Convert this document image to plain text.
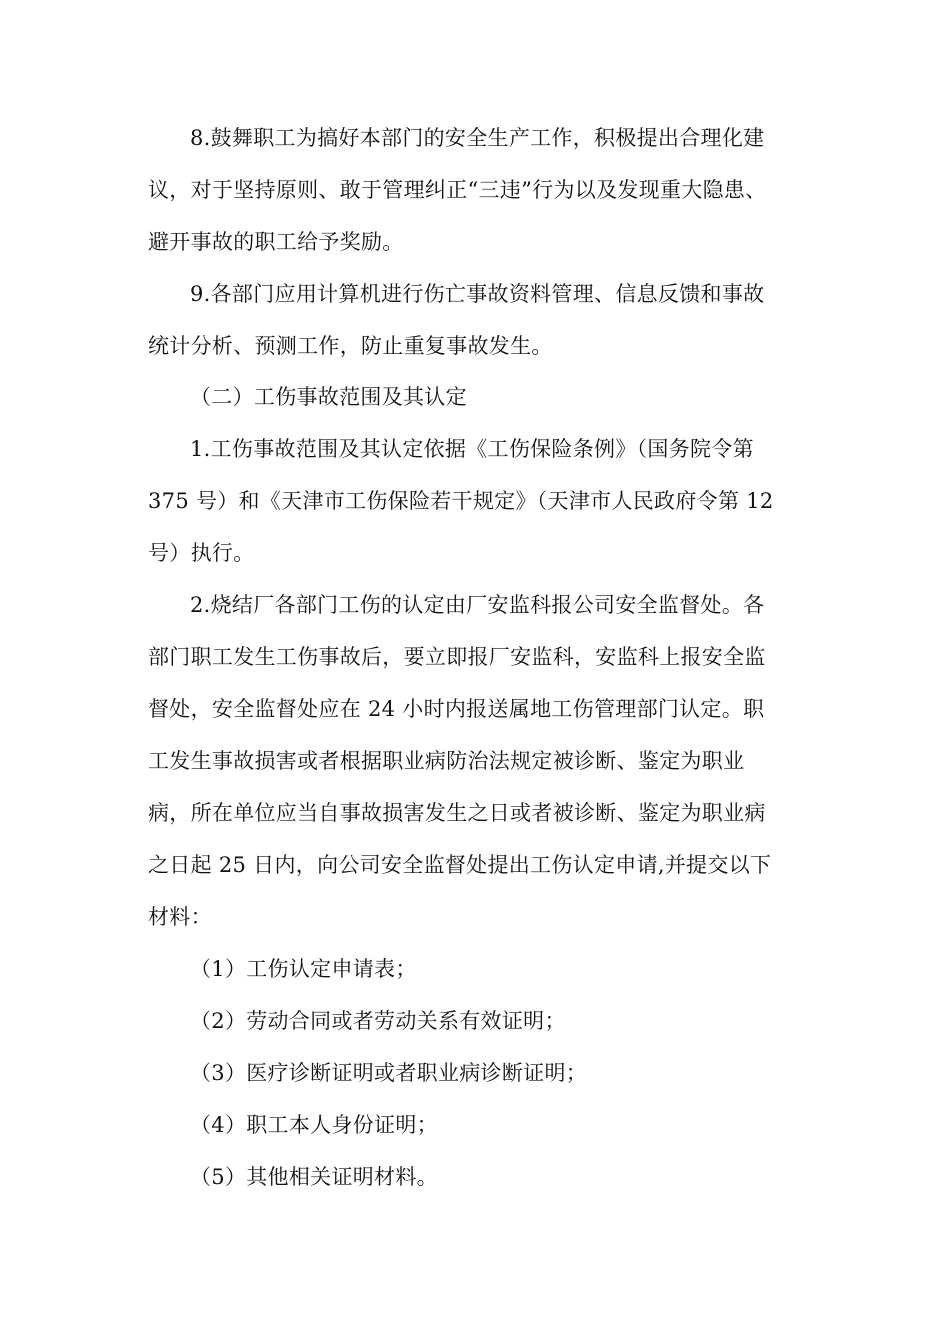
8.鼓舞职工为搞好本部门的安全生产工作，积极提出合理化建
议，对于坚持原则、敢于管理纠正“三违”行为以及发现重大隐患、
避开事故的职工给予奖励。
9.各部门应用计算机进行伤亡事故资料管理、信息反馈和事故
统计分析、预测工作，防止重复事故发生。
（二）工伤事故范围及其认定
1.工伤事故范围及其认定依据《工伤保险条例》（国务院令第
375 号）和《天津市工伤保险若干规定》（天津市人民政府令第 12
号）执行。
2.烧结厂各部门工伤的认定由厂安监科报公司安全监督处。各
部门职工发生工伤事故后，要立即报厂安监科，安监科上报安全监
督处，安全监督处应在 24 小时内报送属地工伤管理部门认定。职
工发生事故损害或者根据职业病防治法规定被诊断、鉴定为职业
病，所在单位应当自事故损害发生之日或者被诊断、鉴定为职业病
之日起 25 日内，向公司安全监督处提出工伤认定申请,并提交以下
材料：
（1）工伤认定申请表；
（2）劳动合同或者劳动关系有效证明；
（3）医疗诊断证明或者职业病诊断证明；
（4）职工本人身份证明；
（5）其他相关证明材料。
